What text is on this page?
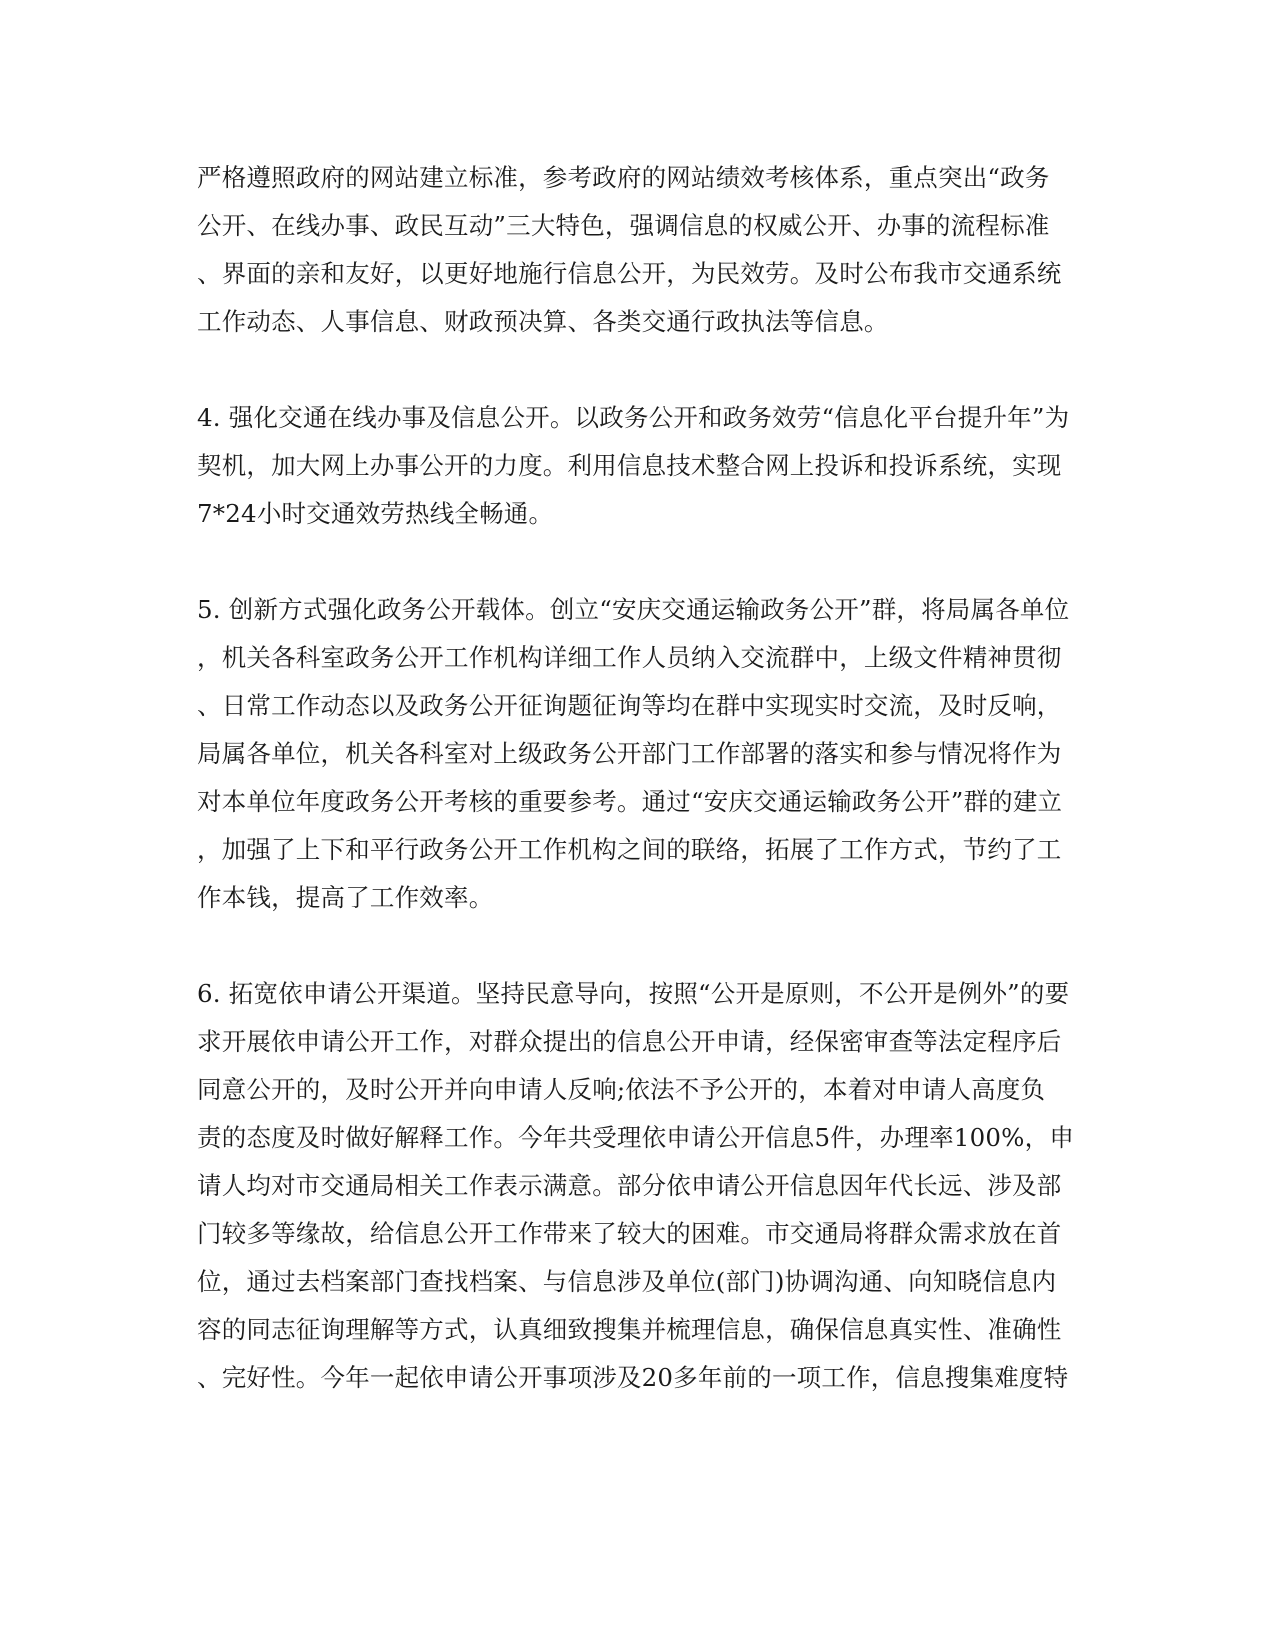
严格遵照政府的网站建立标准，参考政府的网站绩效考核体系，重点突出“政务
公开、在线办事、政民互动”三大特色，强调信息的权威公开、办事的流程标准
、界面的亲和友好，以更好地施行信息公开，为民效劳。及时公布我市交通系统
工作动态、人事信息、财政预决算、各类交通行政执法等信息。
4. 强化交通在线办事及信息公开。以政务公开和政务效劳“信息化平台提升年”为
契机，加大网上办事公开的力度。利用信息技术整合网上投诉和投诉系统，实现
7*24小时交通效劳热线全畅通。
5. 创新方式强化政务公开载体。创立“安庆交通运输政务公开”群，将局属各单位
，机关各科室政务公开工作机构详细工作人员纳入交流群中，上级文件精神贯彻
、日常工作动态以及政务公开征询题征询等均在群中实现实时交流，及时反响，
局属各单位，机关各科室对上级政务公开部门工作部署的落实和参与情况将作为
对本单位年度政务公开考核的重要参考。通过“安庆交通运输政务公开”群的建立
，加强了上下和平行政务公开工作机构之间的联络，拓展了工作方式，节约了工
作本钱，提高了工作效率。
6. 拓宽依申请公开渠道。坚持民意导向，按照“公开是原则，不公开是例外”的要
求开展依申请公开工作，对群众提出的信息公开申请，经保密审查等法定程序后
同意公开的，及时公开并向申请人反响;依法不予公开的，本着对申请人高度负
责的态度及时做好解释工作。今年共受理依申请公开信息5件，办理率100%，申
请人均对市交通局相关工作表示满意。部分依申请公开信息因年代长远、涉及部
门较多等缘故，给信息公开工作带来了较大的困难。市交通局将群众需求放在首
位，通过去档案部门查找档案、与信息涉及单位(部门)协调沟通、向知晓信息内
容的同志征询理解等方式，认真细致搜集并梳理信息，确保信息真实性、准确性
、完好性。今年一起依申请公开事项涉及20多年前的一项工作，信息搜集难度特
